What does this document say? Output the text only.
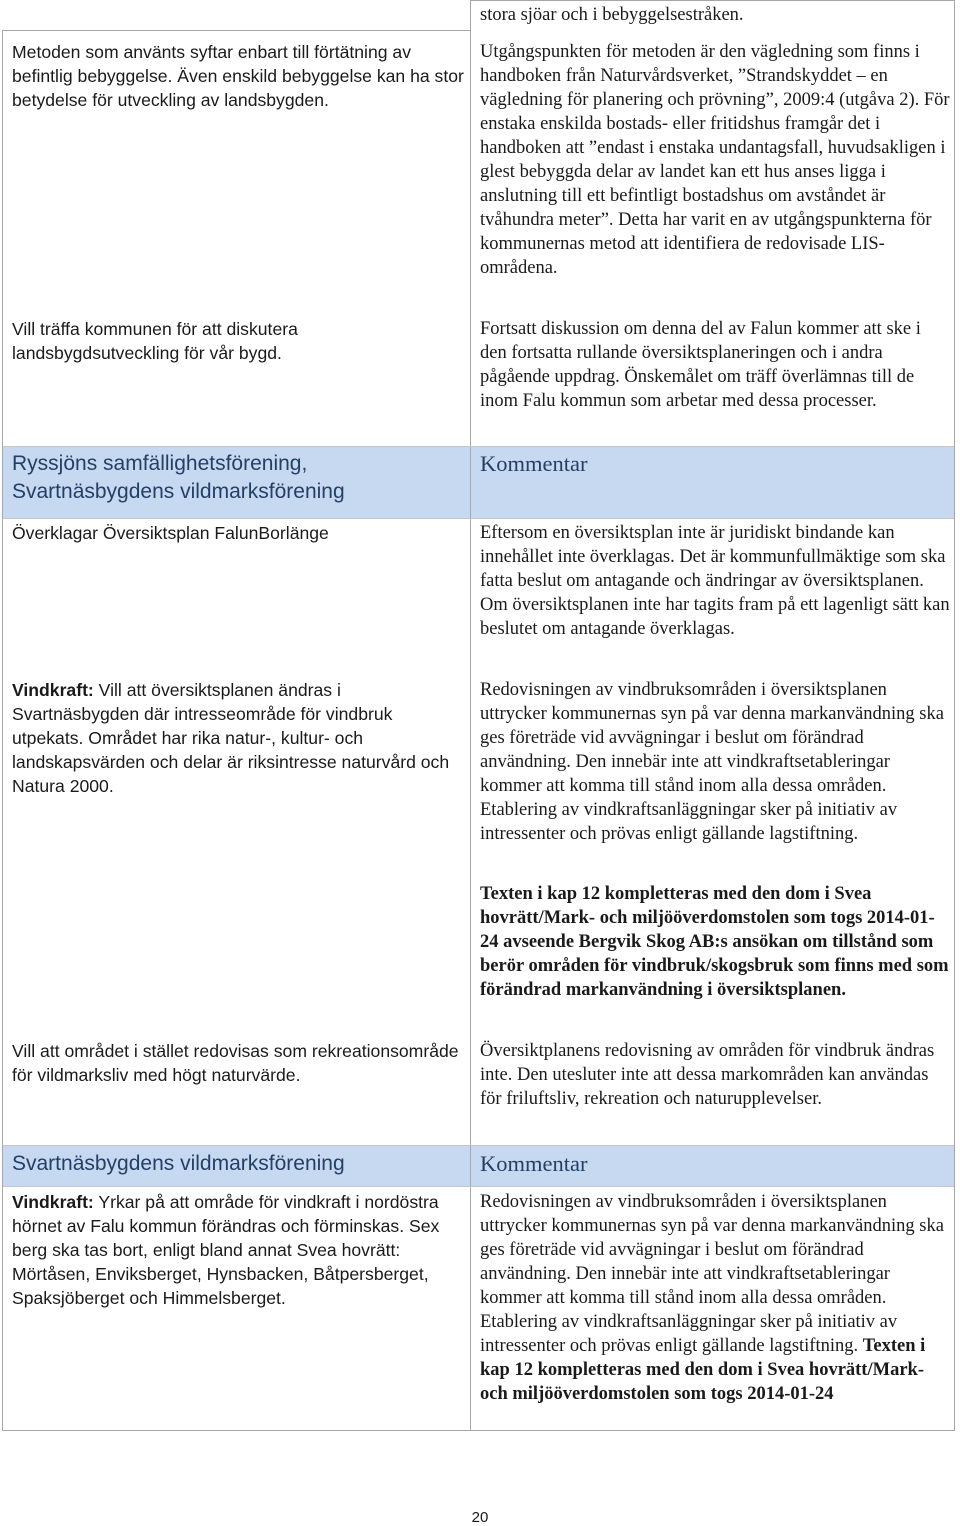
Metoden som använts syftar enbart till förtätning av befintlig bebyggelse. Även enskild bebyggelse kan ha stor betydelse för utveckling av landsbygden.

Vill träffa kommunen för att diskutera landsbygdsutveckling för vår bygd.

Ryssjöns samfällighetsförening, Svartnäsbygdens vildmarksförening

Överklagar Översiktsplan FalunBorlänge

Vindkraft: Vill att översiktsplanen ändras i Svartnäsbygden där intresseområde för vindbruk utpekats. Området har rika natur-, kultur- och landskapsvärden och delar är riksintresse naturvård och Natura 2000.

Vill att området i stället redovisas som rekreationsområde för vildmarksliv med högt naturvärde.

Svartnäsbygdens vildmarksförening

Vindkraft: Yrkar på att område för vindkraft i nordöstra hörnet av Falu kommun förändras och förminskas. Sex berg ska tas bort, enligt bland annat Svea hovrätt: Mörtåsen, Enviksberget, Hynsbacken, Båtpersberget, Spaksjöberget och Himmelsberget.

stora sjöar och i bebyggelsestråken.

Utgångspunkten för metoden är den vägledning som finns i handboken från Naturvårdsverket, ”Strandskyddet – en vägledning för planering och prövning”, 2009:4 (utgåva 2). För enstaka enskilda bostads- eller fritidshus framgår det i handboken att ”endast i enstaka undantagsfall, huvudsakligen i glest bebyggda delar av landet kan ett hus anses ligga i anslutning till ett befintligt bostadshus om avståndet är tvåhundra meter”. Detta har varit en av utgångspunkterna för kommunernas metod att identifiera de redovisade LIS-områdena.

Fortsatt diskussion om denna del av Falun kommer att ske i den fortsatta rullande översiktsplaneringen och i andra pågående uppdrag. Önskemålet om träff överlämnas till de inom Falu kommun som arbetar med dessa processer.

Kommentar

Eftersom en översiktsplan inte är juridiskt bindande kan innehållet inte överklagas. Det är kommunfullmäktige som ska fatta beslut om antagande och ändringar av översiktsplanen. Om översiktsplanen inte har tagits fram på ett lagenligt sätt kan beslutet om antagande överklagas.

Redovisningen av vindbruksområden i översiktsplanen uttrycker kommunernas syn på var denna markanvändning ska ges företräde vid avvägningar i beslut om förändrad användning. Den innebär inte att vindkraftsetableringar kommer att komma till stånd inom alla dessa områden. Etablering av vindkraftsanläggningar sker på initiativ av intressenter och prövas enligt gällande lagstiftning.

Texten i kap 12 kompletteras med den dom i Svea hovrätt/Mark- och miljööverdomstolen som togs 2014-01-24 avseende Bergvik Skog AB:s ansökan om tillstånd som berör områden för vindbruk/skogsbruk som finns med som förändrad markanvändning i översiktsplanen.

Översiktplanens redovisning av områden för vindbruk ändras inte. Den utesluter inte att dessa markområden kan användas för friluftsliv, rekreation och naturupplevelser.

Kommentar

Redovisningen av vindbruksområden i översiktsplanen uttrycker kommunernas syn på var denna markanvändning ska ges företräde vid avvägningar i beslut om förändrad användning. Den innebär inte att vindkraftsetableringar kommer att komma till stånd inom alla dessa områden. Etablering av vindkraftsanläggningar sker på initiativ av intressenter och prövas enligt gällande lagstiftning. Texten i kap 12 kompletteras med den dom i Svea hovrätt/Mark- och miljööverdomstolen som togs 2014-01-24

20
